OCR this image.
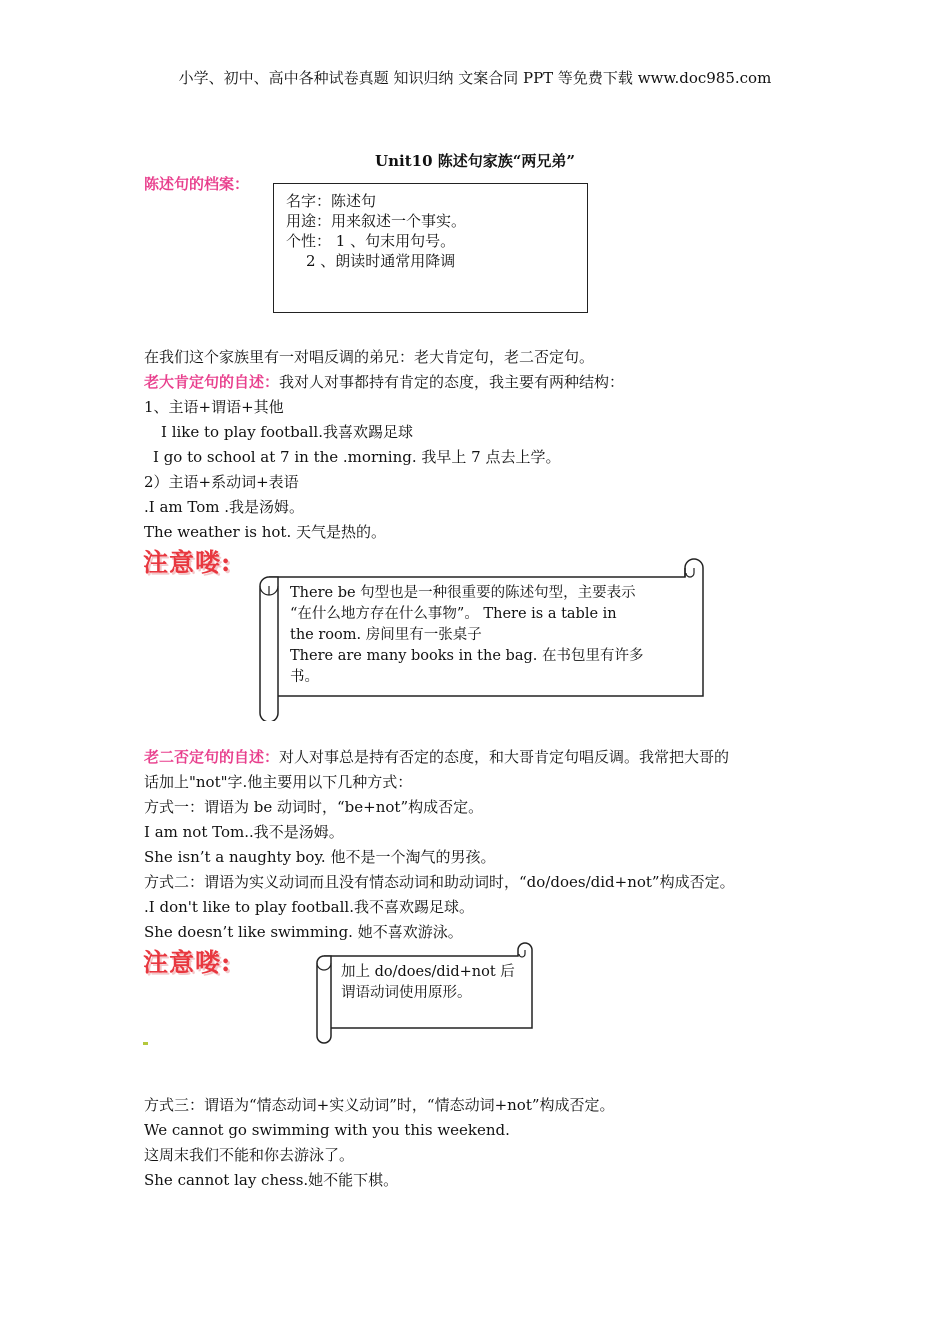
小学、初中、高中各种试卷真题 知识归纳 文案合同 PPT 等免费下载 www.doc985.com
Unit10 陈述句家族“两兄弟”
陈述句的档案：
名字：陈述句
用途：用来叙述一个事实。
个性： 1 、句末用句号。
2 、朗读时通常用降调
在我们这个家族里有一对唱反调的弟兄：老大肯定句，老二否定句。
老大肯定句的自述：我对人对事都持有肯定的态度，我主要有两种结构：
1、主语+谓语+其他
I like to play football.我喜欢踢足球
I go to school at 7 in the .morning. 我早上 7 点去上学。
2）主语+系动词+表语
.I am Tom .我是汤姆。
The weather is hot. 天气是热的。
注意喽:
There be 句型也是一种很重要的陈述句型，主要表示
“在什么地方存在什么事物”。 There is a table in
the room. 房间里有一张桌子
There are many books in the bag. 在书包里有许多
书。
老二否定句的自述：对人对事总是持有否定的态度，和大哥肯定句唱反调。我常把大哥的
话加上"not"字.他主要用以下几种方式：
方式一：谓语为 be 动词时，“be+not”构成否定。
I am not Tom..我不是汤姆。
She isn’t a naughty boy. 他不是一个淘气的男孩。
方式二：谓语为实义动词而且没有情态动词和助动词时，“do/does/did+not”构成否定。
.I don't like to play football.我不喜欢踢足球。
She doesn’t like swimming. 她不喜欢游泳。
注意喽:	加上 do/does/did+not 后
谓语动词使用原形。
方式三：谓语为“情态动词+实义动词”时，“情态动词+not”构成否定。
We cannot go swimming with you this weekend.
这周末我们不能和你去游泳了。
She cannot lay chess.她不能下棋。
